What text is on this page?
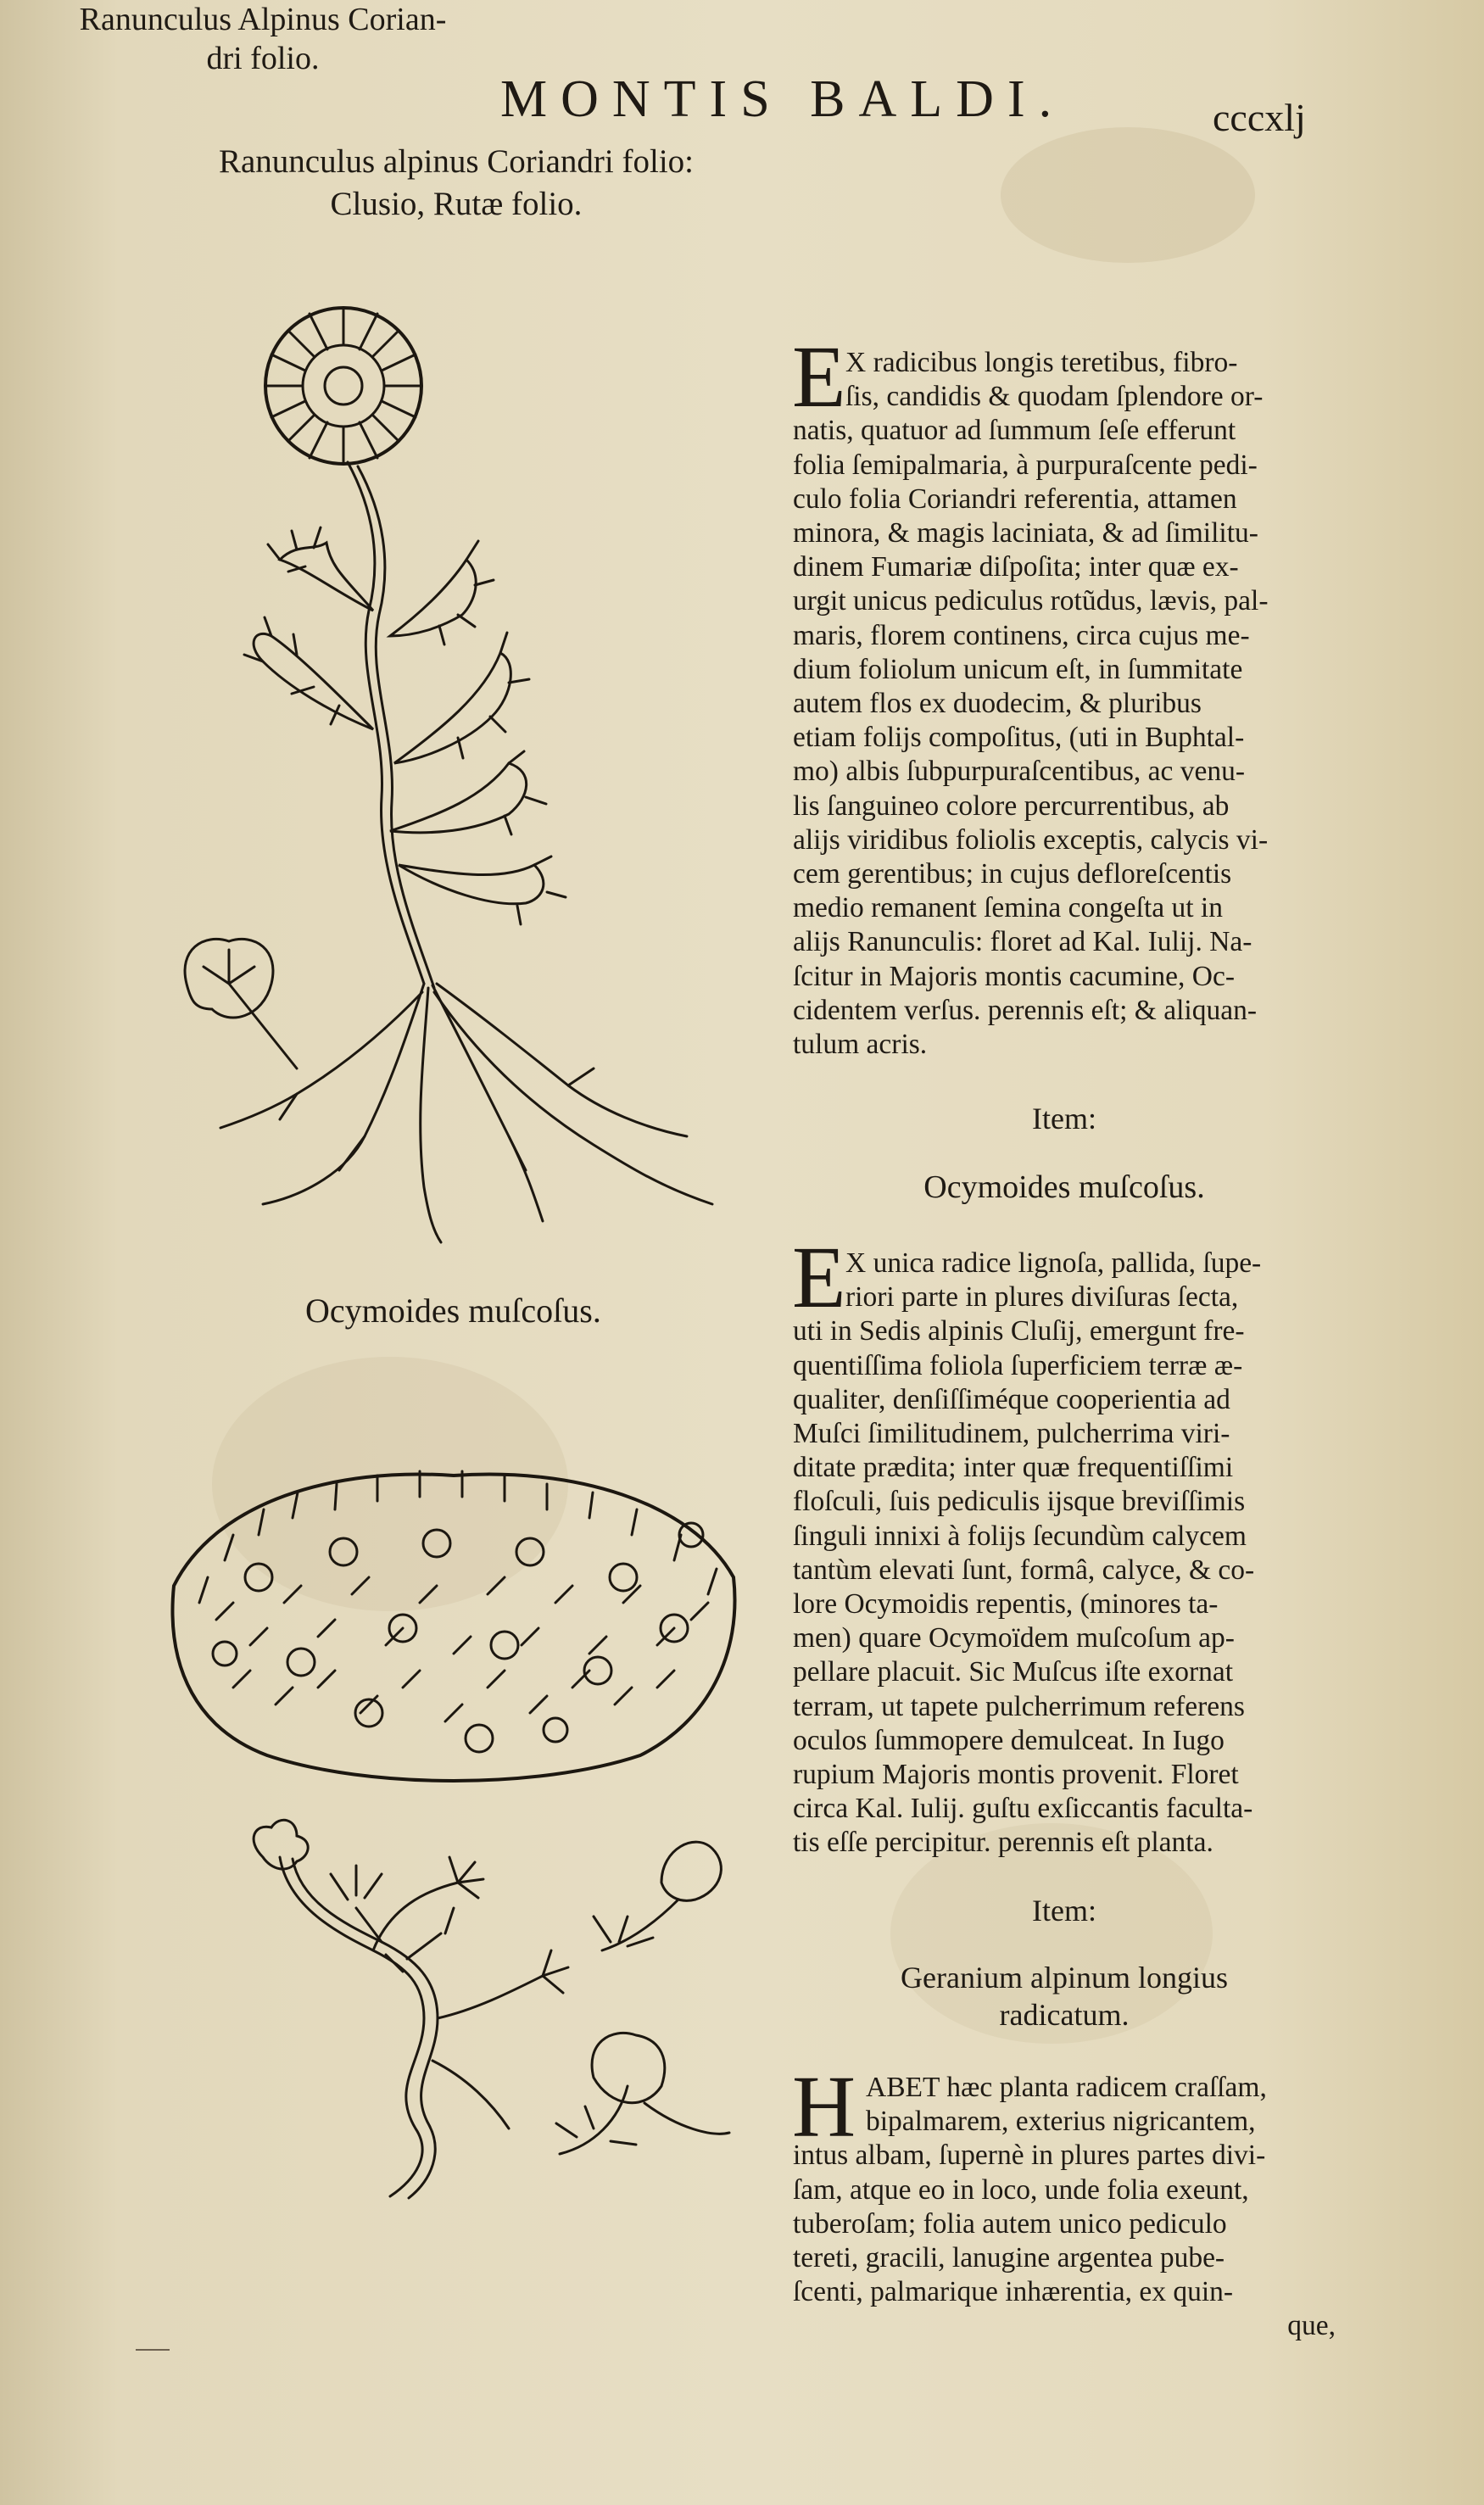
MONTIS BALDI.	cccxlj
Ranunculus alpinus Coriandri folio:
Clusio, Rutæ folio.
Ocymoides muſcoſus.
Ranunculus Alpinus Corian-
dri folio.
E X radicibus longis teretibus, fibro-
ſis, candidis & quodam ſplendore or-
natis, quatuor ad ſummum ſeſe efferunt
folia ſemipalmaria, à purpuraſcente pedi-
culo folia Coriandri referentia, attamen
minora, & magis laciniata, & ad ſimilitu-
dinem Fumariæ diſpoſita; inter quæ ex-
urgit unicus pediculus rotũdus, lævis, pal-
maris, florem continens, circa cujus me-
dium foliolum unicum eſt, in ſummitate
autem flos ex duodecim, & pluribus
etiam folijs compoſitus, (uti in Buphtal-
mo) albis ſubpurpuraſcentibus, ac venu-
lis ſanguineo colore percurrentibus, ab
alijs viridibus foliolis exceptis, calycis vi-
cem gerentibus; in cujus defloreſcentis
medio remanent ſemina congeſta ut in
alijs Ranunculis: floret ad Kal. Iulij. Na-
ſcitur in Majoris montis cacumine, Oc-
cidentem verſus. perennis eſt; & aliquan-
tulum acris.
Item:
Ocymoides muſcoſus.
E X unica radice lignoſa, pallida, ſupe-
riori parte in plures diviſuras ſecta,
uti in Sedis alpinis Cluſij, emergunt fre-
quentiſſima foliola ſuperficiem terræ æ-
qualiter, denſiſſiméque cooperientia ad
Muſci ſimilitudinem, pulcherrima viri-
ditate prædita; inter quæ frequentiſſimi
floſculi, ſuis pediculis ijsque breviſſimis
ſinguli innixi à folijs ſecundùm calycem
tantùm elevati ſunt, formâ, calyce, & co-
lore Ocymoidis repentis, (minores ta-
men) quare Ocymoïdem muſcoſum ap-
pellare placuit. Sic Muſcus iſte exornat
terram, ut tapete pulcherrimum referens
oculos ſummopere demulceat. In Iugo
rupium Majoris montis provenit. Floret
circa Kal. Iulij. guſtu exſiccantis faculta-
tis eſſe percipitur. perennis eſt planta.
Item:
Geranium alpinum longius
radicatum.
H ABET hæc planta radicem craſſam,
bipalmarem, exterius nigricantem,
intus albam, ſupernè in plures partes divi-
ſam, atque eo in loco, unde folia exeunt,
tuberoſam; folia autem unico pediculo
tereti, gracili, lanugine argentea pube-
ſcenti, palmarique inhærentia, ex quin-
que,
